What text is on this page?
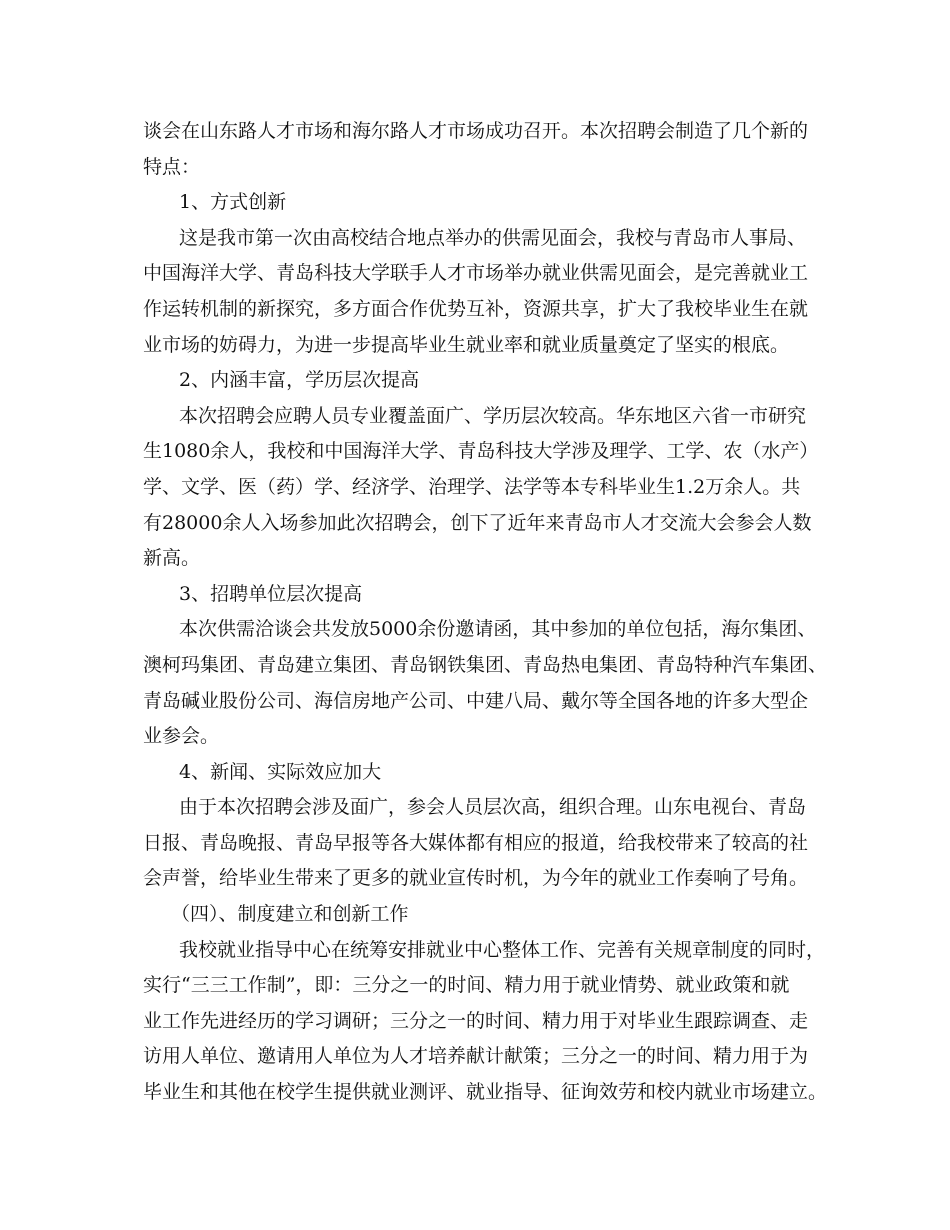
谈会在山东路人才市场和海尔路人才市场成功召开。本次招聘会制造了几个新的
特点：
1、方式创新
这是我市第一次由高校结合地点举办的供需见面会，我校与青岛市人事局、
中国海洋大学、青岛科技大学联手人才市场举办就业供需见面会，是完善就业工
作运转机制的新探究，多方面合作优势互补，资源共享，扩大了我校毕业生在就
业市场的妨碍力，为进一步提高毕业生就业率和就业质量奠定了坚实的根底。
2、内涵丰富，学历层次提高
本次招聘会应聘人员专业覆盖面广、学历层次较高。华东地区六省一市研究
生1080余人，我校和中国海洋大学、青岛科技大学涉及理学、工学、农（水产）
学、文学、医（药）学、经济学、治理学、法学等本专科毕业生1.2万余人。共
有28000余人入场参加此次招聘会，创下了近年来青岛市人才交流大会参会人数
新高。
3、招聘单位层次提高
本次供需洽谈会共发放5000余份邀请函，其中参加的单位包括，海尔集团、
澳柯玛集团、青岛建立集团、青岛钢铁集团、青岛热电集团、青岛特种汽车集团、
青岛碱业股份公司、海信房地产公司、中建八局、戴尔等全国各地的许多大型企
业参会。
4、新闻、实际效应加大
由于本次招聘会涉及面广，参会人员层次高，组织合理。山东电视台、青岛
日报、青岛晚报、青岛早报等各大媒体都有相应的报道，给我校带来了较高的社
会声誉，给毕业生带来了更多的就业宣传时机，为今年的就业工作奏响了号角。
（四）、制度建立和创新工作
我校就业指导中心在统筹安排就业中心整体工作、完善有关规章制度的同时，
实行“三三工作制”，即：三分之一的时间、精力用于就业情势、就业政策和就
业工作先进经历的学习调研；三分之一的时间、精力用于对毕业生跟踪调查、走
访用人单位、邀请用人单位为人才培养献计献策；三分之一的时间、精力用于为
毕业生和其他在校学生提供就业测评、就业指导、征询效劳和校内就业市场建立。
